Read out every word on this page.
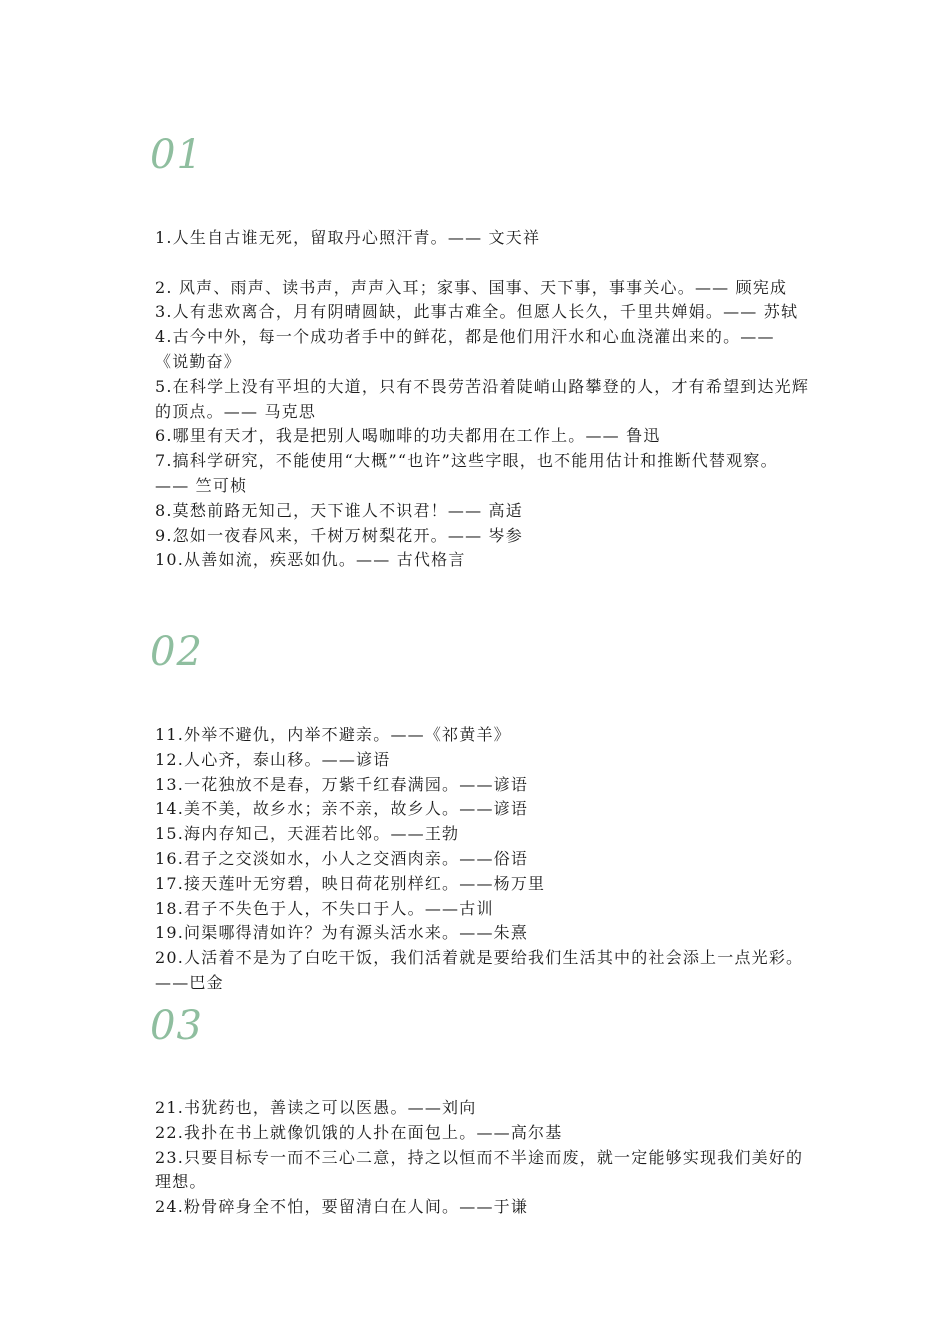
01
1.人生自古谁无死，留取丹心照汗青。—— 文天祥
2. 风声、雨声、读书声，声声入耳；家事、国事、天下事，事事关心。—— 顾宪成
3.人有悲欢离合，月有阴晴圆缺，此事古难全。但愿人长久，千里共婵娟。—— 苏轼
4.古今中外，每一个成功者手中的鲜花，都是他们用汗水和心血浇灌出来的。—— 《说勤奋》
5.在科学上没有平坦的大道，只有不畏劳苦沿着陡峭山路攀登的人，才有希望到达光辉的顶点。—— 马克思
6.哪里有天才，我是把别人喝咖啡的功夫都用在工作上。—— 鲁迅
7.搞科学研究，不能使用“大概”“也许”这些字眼，也不能用估计和推断代替观察。—— 竺可桢
8.莫愁前路无知己，天下谁人不识君！—— 高适
9.忽如一夜春风来，千树万树梨花开。—— 岑参
10.从善如流，疾恶如仇。—— 古代格言
02
11.外举不避仇，内举不避亲。——《祁黄羊》
12.人心齐，泰山移。——谚语
13.一花独放不是春，万紫千红春满园。——谚语
14.美不美，故乡水；亲不亲，故乡人。——谚语
15.海内存知己，天涯若比邻。——王勃
16.君子之交淡如水，小人之交酒肉亲。——俗语
17.接天莲叶无穷碧，映日荷花别样红。——杨万里
18.君子不失色于人，不失口于人。——古训
19.问渠哪得清如许？为有源头活水来。——朱熹
20.人活着不是为了白吃干饭，我们活着就是要给我们生活其中的社会添上一点光彩。——巴金
03
21.书犹药也，善读之可以医愚。——刘向
22.我扑在书上就像饥饿的人扑在面包上。——高尔基
23.只要目标专一而不三心二意，持之以恒而不半途而废，就一定能够实现我们美好的理想。
24.粉骨碎身全不怕，要留清白在人间。——于谦
